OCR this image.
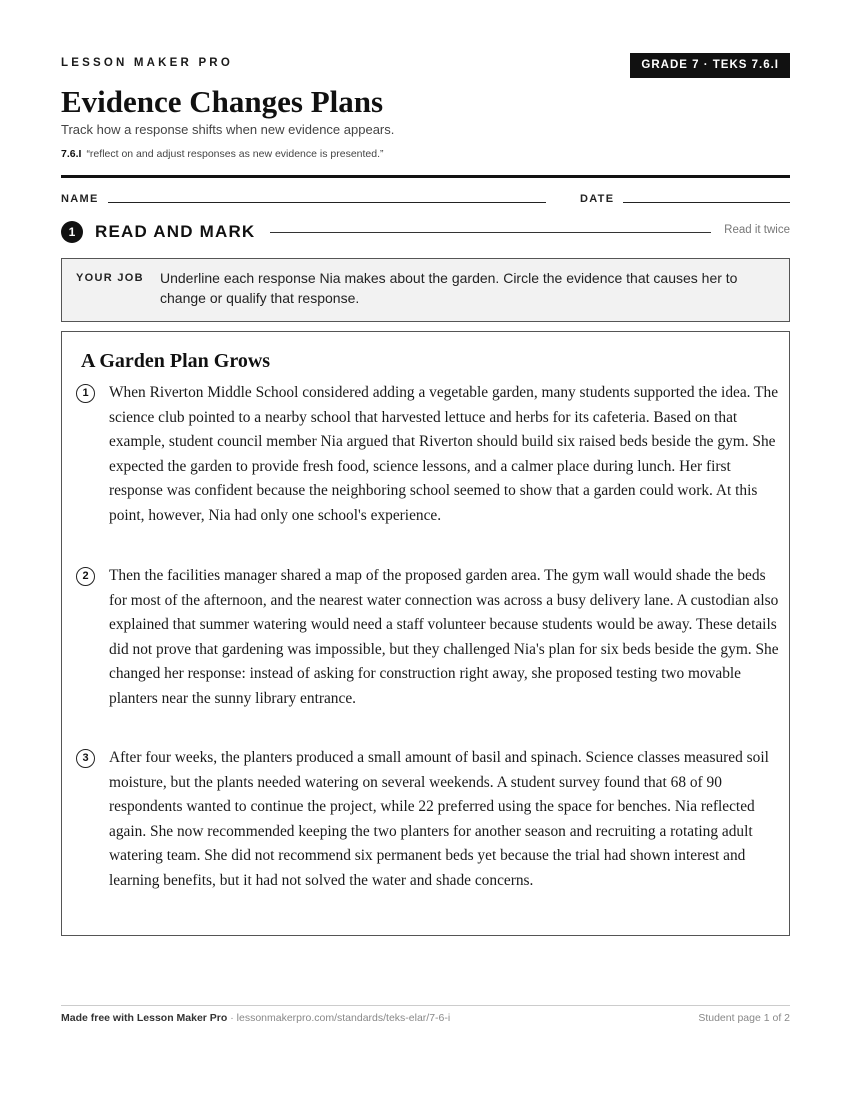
LESSON MAKER PRO	GRADE 7 · TEKS 7.6.I
Evidence Changes Plans
Track how a response shifts when new evidence appears.
7.6.I “reflect on and adjust responses as new evidence is presented.”
NAME	DATE
1	READ AND MARK	Read it twice
YOUR JOB Underline each response Nia makes about the garden. Circle the evidence that causes her to change or qualify that response.
A Garden Plan Grows
1	When Riverton Middle School considered adding a vegetable garden, many students supported the idea. The science club pointed to a nearby school that harvested lettuce and herbs for its cafeteria. Based on that example, student council member Nia argued that Riverton should build six raised beds beside the gym. She expected the garden to provide fresh food, science lessons, and a calmer place during lunch. Her first response was confident because the neighboring school seemed to show that a garden could work. At this point, however, Nia had only one school's experience.

2	Then the facilities manager shared a map of the proposed garden area. The gym wall would shade the beds for most of the afternoon, and the nearest water connection was across a busy delivery lane. A custodian also explained that summer watering would need a staff volunteer because students would be away. These details did not prove that gardening was impossible, but they challenged Nia's plan for six beds beside the gym. She changed her response: instead of asking for construction right away, she proposed testing two movable planters near the sunny library entrance.

3	After four weeks, the planters produced a small amount of basil and spinach. Science classes measured soil moisture, but the plants needed watering on several weekends. A student survey found that 68 of 90 respondents wanted to continue the project, while 22 preferred using the space for benches. Nia reflected again. She now recommended keeping the two planters for another season and recruiting a rotating adult watering team. She did not recommend six permanent beds yet because the trial had shown interest and learning benefits, but it had not solved the water and shade concerns.

Made free with Lesson Maker Pro · lessonmakerpro.com/standards/teks-elar/7-6-i	Student page 1 of 2
